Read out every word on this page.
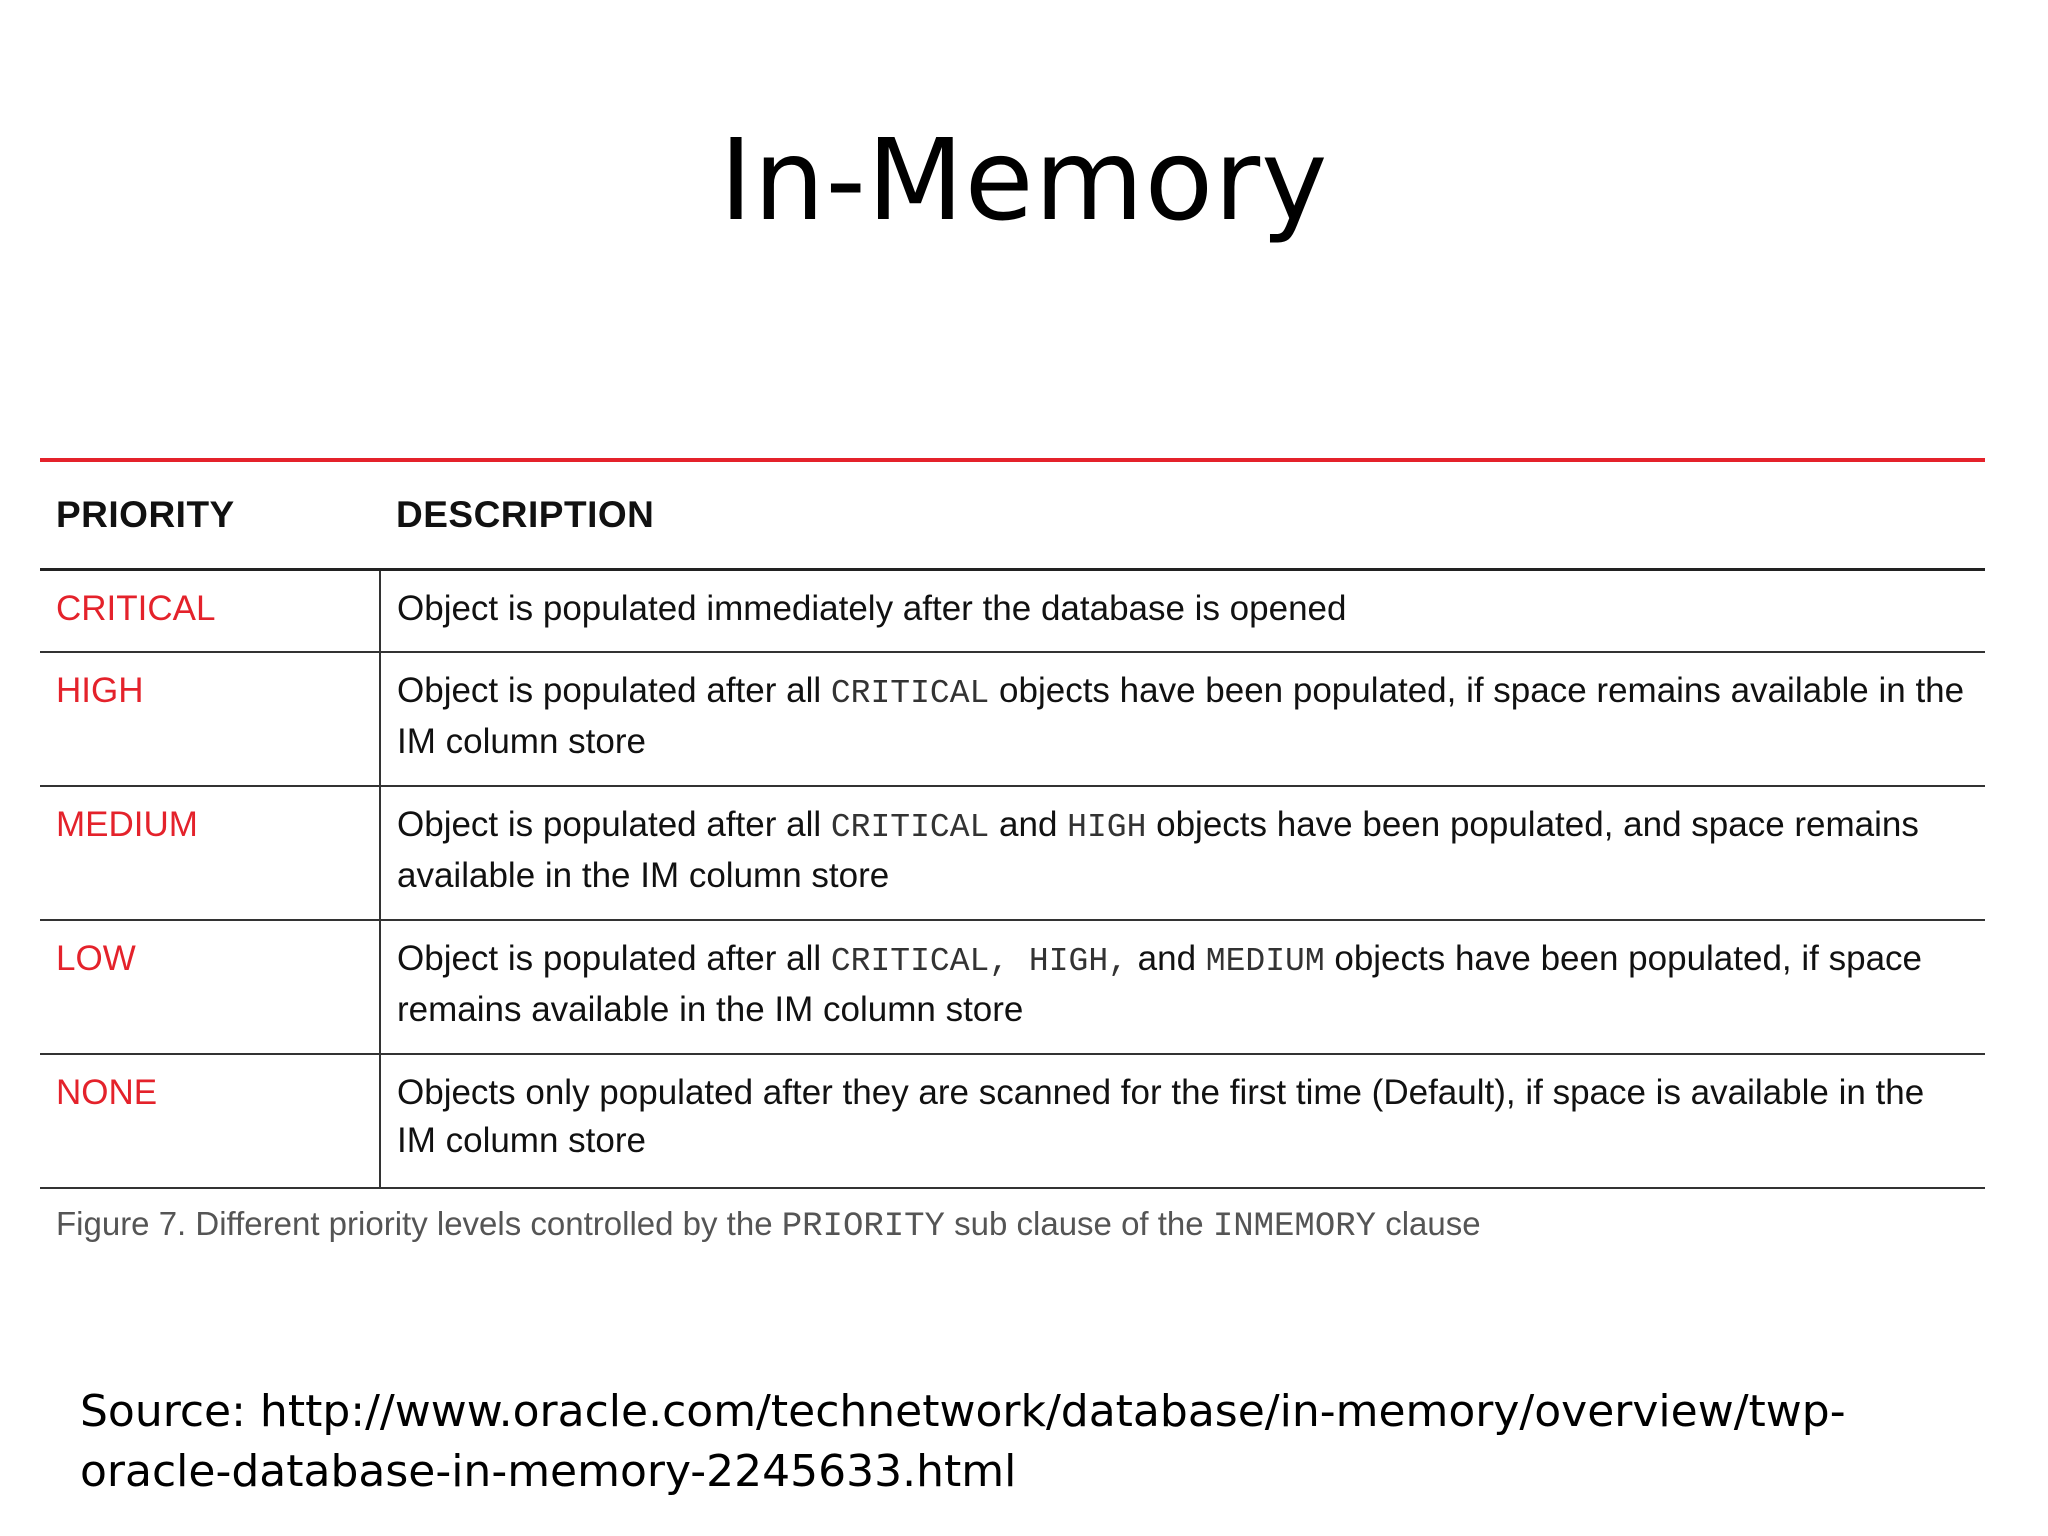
In-Memory
PRIORITY	DESCRIPTION
CRITICAL	Object is populated immediately after the database is opened
HIGH	Object is populated after all CRITICAL objects have been populated, if space remains available in the IM column store
MEDIUM	Object is populated after all CRITICAL and HIGH objects have been populated, and space remains available in the IM column store
LOW	Object is populated after all CRITICAL, HIGH, and MEDIUM objects have been populated, if space remains available in the IM column store
NONE	Objects only populated after they are scanned for the first time (Default), if space is available in the IM column store
Figure 7. Different priority levels controlled by the PRIORITY sub clause of the INMEMORY clause
Source: http://www.oracle.com/technetwork/database/in-memory/overview/twp-
oracle-database-in-memory-2245633.html
